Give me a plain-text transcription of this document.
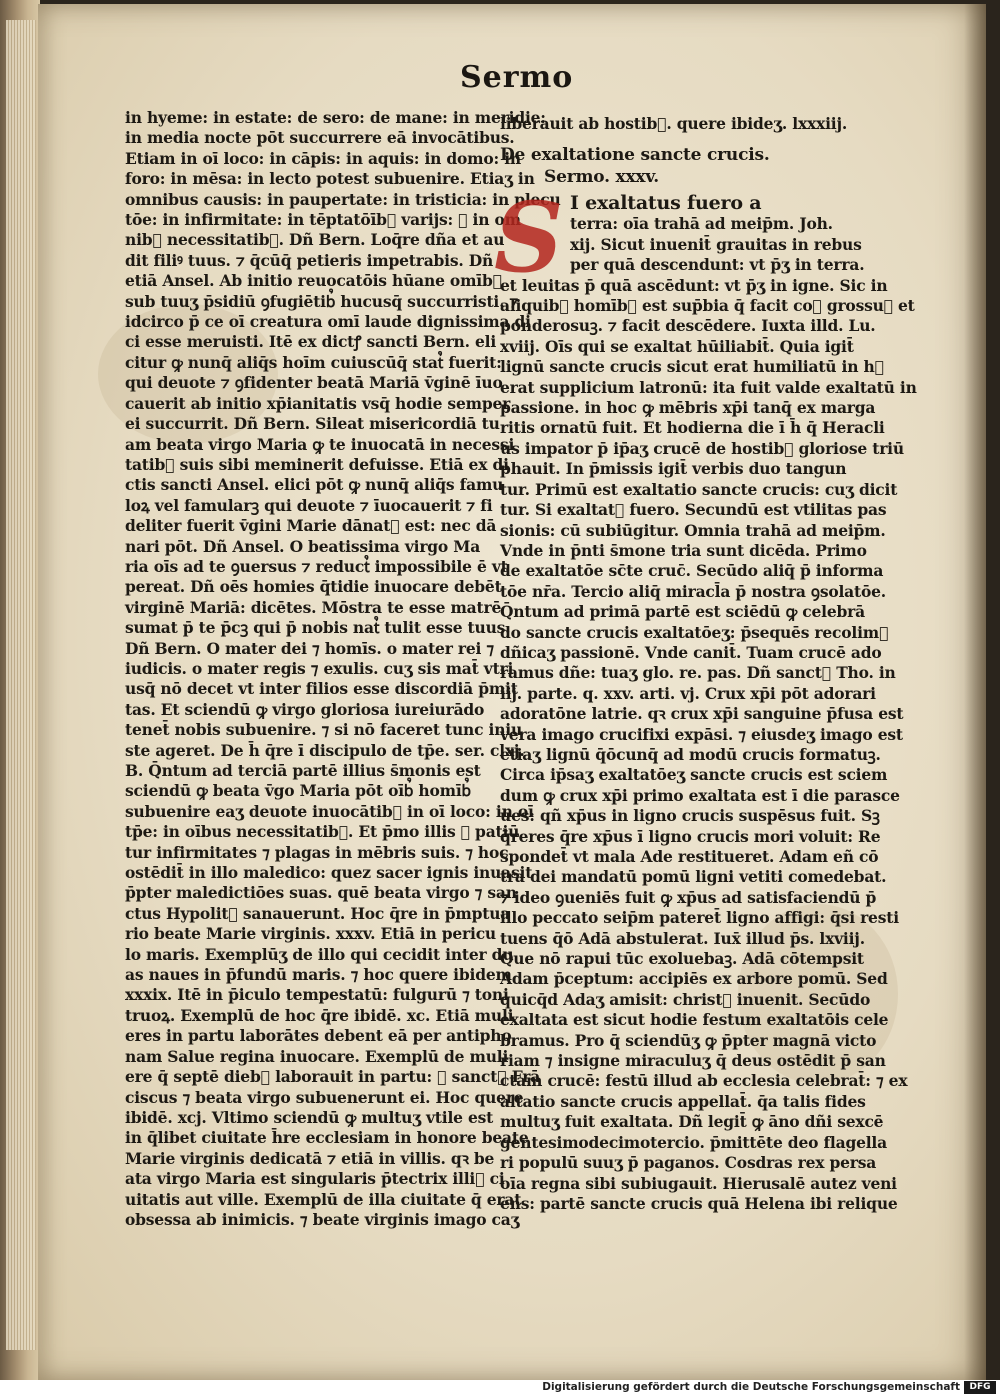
Sermo
in hyeme: in estate: de sero: de mane: in meridie:
in media nocte pōt succurrere eā invocātibus.
Etiam in oī loco: in cāpis: in aquis: in domo: in
foro: in mēsa: in lecto potest subuenire. Etiaʒ in
omnibus causis: in paupertate: in tristicia: in plecu
tōe: in infirmitate: in tēptatōīb᷒ varijs: ⁊ in om
nib᷒ necessitatib᷒. Dñ Bern. Loq̄re dña et au
dit filiꝰ tuus. ⁊ q̄cūq̄ petieris impetrabis. Dñ
etiā Ansel. Ab initio reuocatōis hūane omīb᷒
sub tuuʒ p̄sidiū ꝯfugiētib᷒ hucusq̄ succurristi. ⁊
idcirco p̄ ce oī creatura omī laude dignissima di
ci esse meruisti. Itē ex dictꝭ sancti Bern. eli
citur ꝙ nunq̄ aliq̄s hoīm cuiuscūq̄ stat᷒ fuerit:
qui deuote ⁊ ꝯfidenter beatā Mariā v̄ginē īuo
cauerit ab initio xp̄ianitatis vsq̄ hodie semper
ei succurrit. Dñ Bern. Sileat misericordiā tu
am beata virgo Maria ꝙ te inuocatā in necessi
tatib᷒ suis sibi meminerit defuisse. Etiā ex di
ctis sancti Ansel. elici pōt ꝙ nunq̄ aliq̄s famu
loꝝ vel famularꝫ qui deuote ⁊ īuocauerit ⁊ fi
deliter fuerit v̄gini Marie dānat᷒ est: nec dā
nari pōt. Dñ Ansel. O beatissima virgo Ma
ria oīs ad te ꝯuersus ⁊ reduct᷒ impossibile ē vt
pereat. Dñ oēs homies q̄tidie inuocare debēt
virginē Mariā: dicētes. Mōstra te esse matrē
sumat p̄ te p̄cꝫ qui p̄ nobis nat᷒ tulit esse tuus.
Dñ Bern. O mater dei ⁊ homīs. o mater rei ⁊
iudicis. o mater regis ⁊ exulis. cuʒ sis mat̄ vtri
usq̄ nō decet vt inter filios esse discordiā p̄mit
tas. Et sciendū ꝙ virgo gloriosa iureiurādo
tenet̄ nobis subuenire. ⁊ si nō faceret tunc iniu
ste ageret. De h̄ q̄re ī discipulo de tp̄e. ser. clxj.
B. Q̄ntum ad terciā partē illius s̄monis est
sciendū ꝙ beata v̄go Maria pōt oīb᷒ homīb᷒
subuenire eaʒ deuote inuocātib᷒ in oī loco: in oī
tp̄e: in oībus necessitatib᷒. Et p̄mo illis ꝙ patiū
tur infirmitates ⁊ plagas in mēbris suis. ⁊ hoc
ostēdit̄ in illo maledico: quez sacer ignis inuasit
p̄pter maledictiōes suas. quē beata virgo ⁊ san
ctus Hypolit᷒ sanauerunt. Hoc q̄re in p̄mptua
rio beate Marie virginis. xxxv. Etiā in pericu
lo maris. Exemplūʒ de illo qui cecidit inter du
as naues in p̄fundū maris. ⁊ hoc quere ibidem
xxxix. Itē in p̄iculo tempestatū: fulgurū ⁊ toni
truoꝝ. Exemplū de hoc q̄re ibidē. xc. Etiā muli
eres in partu laborātes debent eā per antipho
nam Salue regina inuocare. Exemplū de muli
ere q̄ septē dieb᷒ laborauit in partu: ⁊ sanct᷒ Frā
ciscus ⁊ beata virgo subuenerunt ei. Hoc quere
ibidē. xcj. Vltimo sciendū ꝙ multuʒ vtile est
in q̄libet ciuitate h̄re ecclesiam in honore beate
Marie virginis dedicatā ⁊ etiā in villis. qꝛ be
ata virgo Maria est singularis p̄tectrix illi᷒ ci
uitatis aut ville. Exemplū de illa ciuitate q̄ erat
obsessa ab inimicis. ⁊ beate virginis imago caʒ
liberauit ab hostib᷒. quere ibideʒ. lxxxiij.
De exaltatione sancte crucis.
Sermo. xxxv.
S I exaltatus fuero a
terra: oīa trahā ad meip̄m. Joh.
xij. Sicut inuenit̄ grauitas in rebus
per quā descendunt: vt p̄ʒ in terra.
et leuitas p̄ quā ascēdunt: vt p̄ʒ in igne. Sic in
aliquib᷒ homīb᷒ est sup̄bia q̄ facit coꝛ grossuꝫ et
ponderosuꝫ. ⁊ facit descēdere. Iuxta illd. Lu.
xviij. Oīs qui se exaltat hūiliabit̄. Quia igit̄
lignū sancte crucis sicut erat humiliatū in h᷒
erat supplicium latronū: ita fuit valde exaltatū in
passione. in hoc ꝙ mēbris xp̄i tanq̄ ex marga
ritis ornatū fuit. Et hodierna die ī h̄ q̄ Heracli
us impator p̄ ip̄aʒ crucē de hostib᷒ gloriose triū
phauit. In p̄missis igit̄ verbis duo tangun
tur. Primū est exaltatio sancte crucis: cuʒ dicit
tur. Si exaltat᷒ fuero. Secundū est vtilitas pas
sionis: cū subiūgitur. Omnia trahā ad meip̄m.
Vnde in p̄nti s̄mone tria sunt dicēda. Primo
de exaltatōe sc̄te cruc̄. Secūdo aliq̄ p̄ informa
tōe nr̄a. Tercio aliq̄ miracl̄a p̄ nostra ꝯsolatōe.
Q̄ntum ad primā partē est sciēdū ꝙ celebrā
do sancte crucis exaltatōeʒ: p̄sequēs recolim᷒
dñicaʒ passionē. Vnde canit̄. Tuam crucē ado
ramus dñe: tuaʒ glo. re. pas. Dñ sanct᷒ Tho. in
iij. parte. q. xxv. arti. vj. Crux xp̄i pōt adorari
adoratōne latrie. qꝛ crux xp̄i sanguine p̄fusa est
vera imago crucifixi expāsi. ⁊ eiusdeʒ imago est
etiaʒ lignū q̄ōcunq̄ ad modū crucis formatuꝫ.
Circa ip̄saʒ exaltatōeʒ sancte crucis est sciem
dum ꝙ crux xp̄i primo exaltata est ī die parasce
ues: qñ xp̄us in ligno crucis suspēsus fuit. Sꝫ
q̄reres q̄re xp̄us ī ligno crucis mori voluit: Re
spondet̄ vt mala Ade restitueret. Adam eñ cō
tra dei mandatū pomū ligni vetiti comedebat.
⁊ ideo ꝯueniēs fuit ꝙ xp̄us ad satisfaciendū p̄
illo peccato seip̄m pateret̄ ligno affigi: q̄si resti
tuens q̄ō Adā abstulerat. Iux̄ illud p̄s. lxviij.
Que nō rapui tūc exoluebaꝫ. Adā cōtempsit
Adam p̄ceptum: accipiēs ex arbore pomū. Sed
quicq̄d Adaʒ amisit: christ᷒ inuenit. Secūdo
exaltata est sicut hodie festum exaltatōis cele
bramus. Pro q̄ sciendūʒ ꝙ p̄pter magnā victo
riam ⁊ insigne miraculuʒ q̄ deus ostēdit p̄ san
ctam crucē: festū illud ab ecclesia celebrat̄: ⁊ ex
altatio sancte crucis appellat̄. q̄a talis fides
multuʒ fuit exaltata. Dñ legit̄ ꝙ āno dñi sexcē
gentesimodecimotercio. p̄mittēte deo flagella
ri populū suuʒ p̄ paganos. Cosdras rex persa
oīa regna sibi subiugauit. Hierusalē autez veni
ens: partē sancte crucis quā Helena ibi relique
Digitalisierung gefördert durch die Deutsche Forschungsgemeinschaft	DFG
